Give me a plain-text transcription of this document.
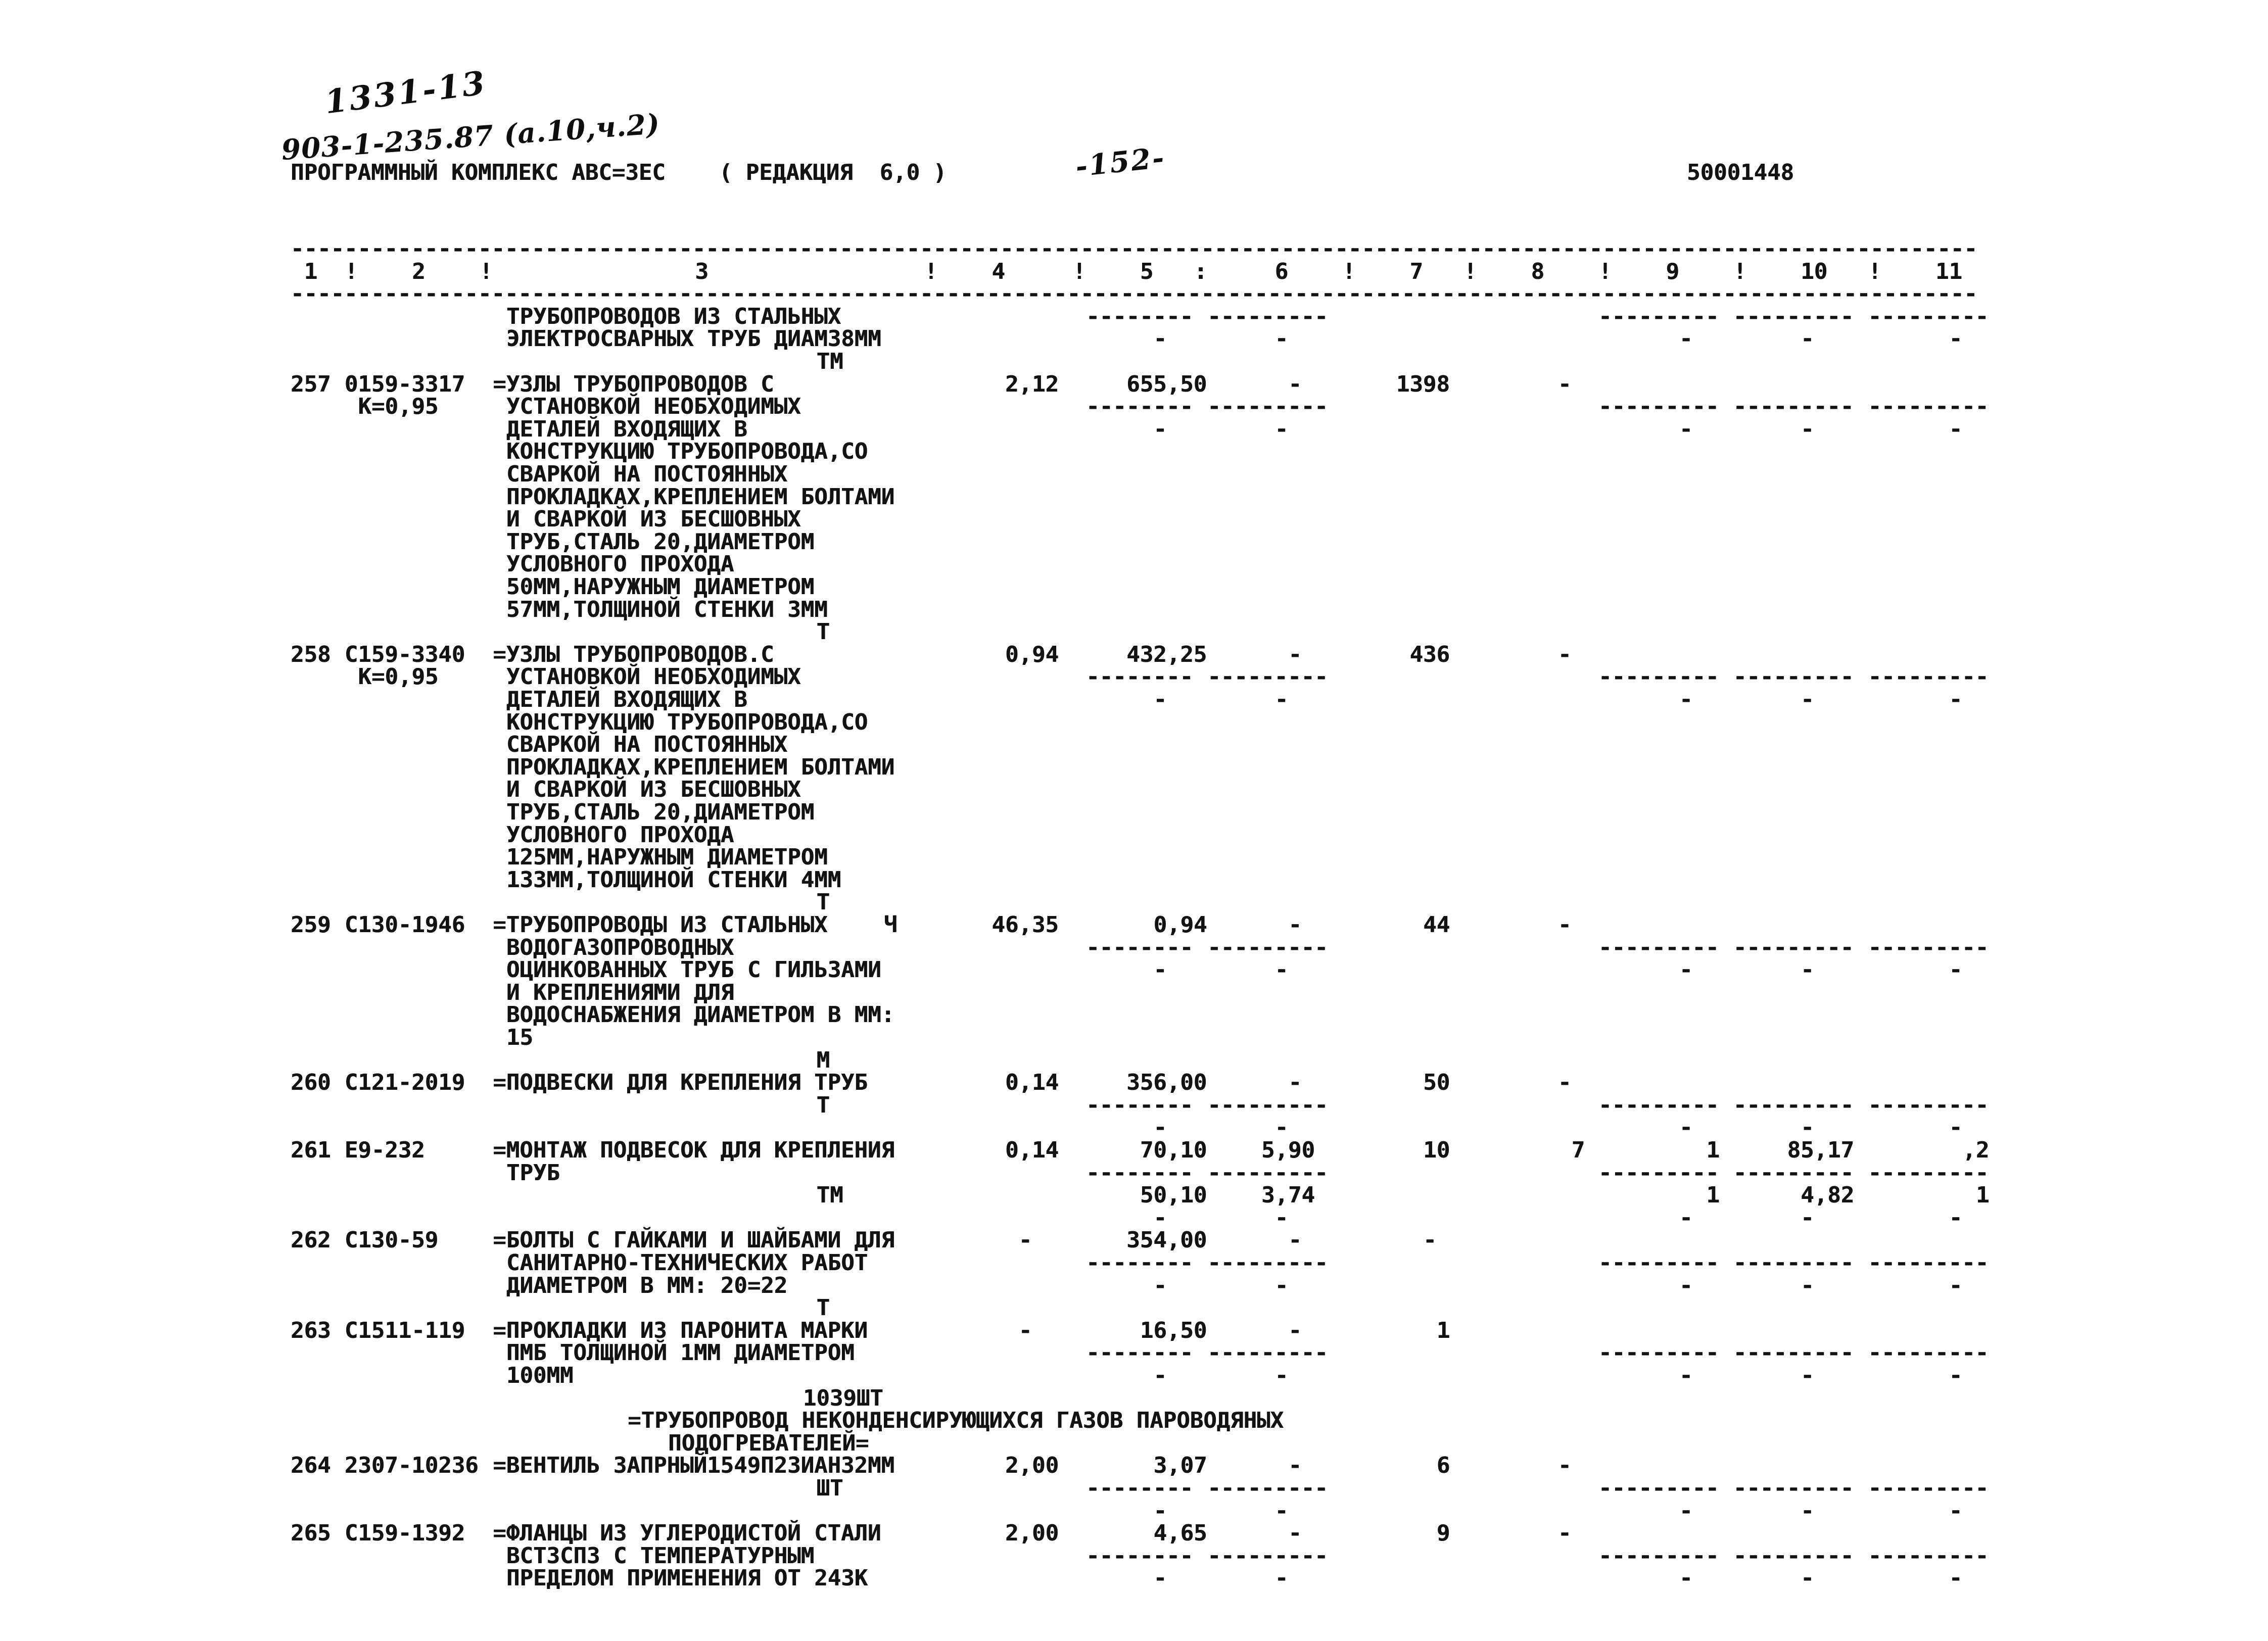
1331-13
903-1-235.87 (а.10,ч.2)	-152-
ПРОГРАММНЫЙ КОМПЛЕКС АВС=3ЕС    ( РЕДАКЦИЯ  6,0 )	50001448
------------------------------------------------------------------------------------------------------------------------------
1 ! 2 !	3	! 4	! 5 :	6 ! 7 ! 8 ! 9 ! 10 ! 11
------------------------------------------------------------------------------------------------------------------------------
ТРУБОПРОВОДОВ ИЗ СТАЛЬНЫХ	-------- ---------	--------- --------- ---------
ЭЛЕКТРОСВАРНЫХ ТРУБ ДИАМ38ММ	-	-	-	-	-
ТМ
257 0159-3317 =УЗЛЫ ТРУБОПРОВОДОВ С	2,12	655,50	-	1398	-
К=0,95	УСТАНОВКОЙ НЕОБХОДИМЫХ	-------- ---------	--------- --------- ---------
ДЕТАЛЕЙ ВХОДЯЩИХ В	-	-	-	-	-
КОНСТРУКЦИЮ ТРУБОПРОВОДА,СО
СВАРКОЙ НА ПОСТОЯННЫХ
ПРОКЛАДКАХ,КРЕПЛЕНИЕМ БОЛТАМИ
И СВАРКОЙ ИЗ БЕСШОВНЫХ
ТРУБ,СТАЛЬ 20,ДИАМЕТРОМ
УСЛОВНОГО ПРОХОДА
50ММ,НАРУЖНЫМ ДИАМЕТРОМ
57ММ,ТОЛЩИНОЙ СТЕНКИ 3ММ
Т
258 С159-3340 =УЗЛЫ ТРУБОПРОВОДОВ.С	0,94	432,25	-	436	-
К=0,95	УСТАНОВКОЙ НЕОБХОДИМЫХ	-------- ---------	--------- --------- ---------
ДЕТАЛЕЙ ВХОДЯЩИХ В	-	-	-	-	-
КОНСТРУКЦИЮ ТРУБОПРОВОДА,СО
СВАРКОЙ НА ПОСТОЯННЫХ
ПРОКЛАДКАХ,КРЕПЛЕНИЕМ БОЛТАМИ
И СВАРКОЙ ИЗ БЕСШОВНЫХ
ТРУБ,СТАЛЬ 20,ДИАМЕТРОМ
УСЛОВНОГО ПРОХОДА
125ММ,НАРУЖНЫМ ДИАМЕТРОМ
133ММ,ТОЛЩИНОЙ СТЕНКИ 4ММ
Т
259 С130-1946 =ТРУБОПРОВОДЫ ИЗ СТАЛЬНЫХ	Ч	46,35	0,94	-	44	-
ВОДОГАЗОПРОВОДНЫХ	-------- ---------	--------- --------- ---------
ОЦИНКОВАННЫХ ТРУБ С ГИЛЬЗАМИ	-	-	-	-	-
И КРЕПЛЕНИЯМИ ДЛЯ
ВОДОСНАБЖЕНИЯ ДИАМЕТРОМ В ММ:
15
М
260 С121-2019 =ПОДВЕСКИ ДЛЯ КРЕПЛЕНИЯ ТРУБ	0,14	356,00	-	50	-
Т	-------- ---------	--------- --------- ---------
-	-	-	-	-
261 Е9-232	=МОНТАЖ ПОДВЕСОК ДЛЯ КРЕПЛЕНИЯ	0,14	70,10 5,90	10	7	1	85,17	,2
ТРУБ	-------- ---------	--------- --------- ---------
ТМ	50,10 3,74	1	4,82	1
-	-	-	-	-
262 С130-59 =БОЛТЫ С ГАЙКАМИ И ШАЙБАМИ ДЛЯ	-	354,00	-	-
САНИТАРНО-ТЕХНИЧЕСКИХ РАБОТ	-------- ---------	--------- --------- ---------
ДИАМЕТРОМ В ММ: 20=22	-	-	-	-	-
Т
263 С1511-119 =ПРОКЛАДКИ ИЗ ПАРОНИТА МАРКИ	-	16,50	-	1
ПМБ ТОЛЩИНОЙ 1ММ ДИАМЕТРОМ	-------- ---------	--------- --------- ---------
100ММ	-	-	-	-	-
1039ШТ
=ТРУБОПРОВОД НЕКОНДЕНСИРУЮЩИХСЯ ГАЗОВ ПАРОВОДЯНЫХ
ПОДОГРЕВАТЕЛЕЙ=
264 2307-10236 =ВЕНТИЛЬ ЗАПРНЫЙ1549П23ИАН32ММ	2,00	3,07	-	6	-
ШТ	-------- ---------	--------- --------- ---------
-	-	-	-	-
265 С159-1392 =ФЛАНЦЫ ИЗ УГЛЕРОДИСТОЙ СТАЛИ	2,00	4,65	-	9	-
ВСТ3СП3 С ТЕМПЕРАТУРНЫМ	-------- ---------	--------- --------- ---------
ПРЕДЕЛОМ ПРИМЕНЕНИЯ ОТ 243К	-	-	-	-	-
